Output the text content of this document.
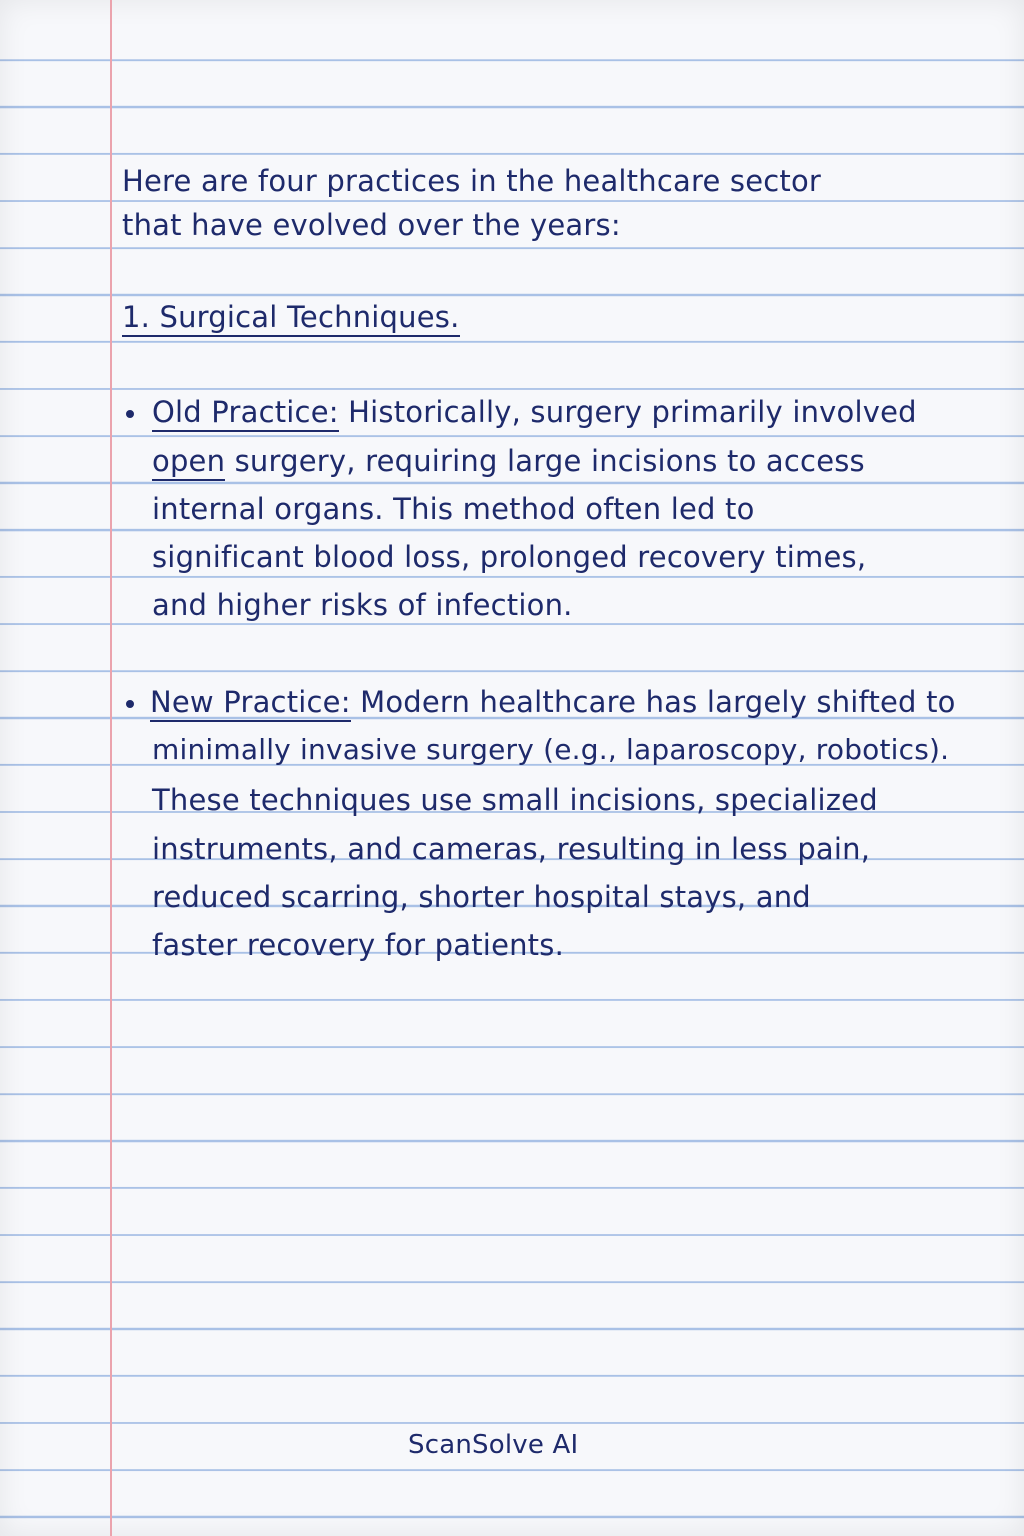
Here are four practices in the healthcare sector
that have evolved over the years:
1. Surgical Techniques.
Old Practice: Historically, surgery primarily involved
open surgery, requiring large incisions to access
internal organs. This method often led to
significant blood loss, prolonged recovery times,
and higher risks of infection.
New Practice: Modern healthcare has largely shifted to
minimally invasive surgery (e.g., laparoscopy, robotics).
These techniques use small incisions, specialized
instruments, and cameras, resulting in less pain,
reduced scarring, shorter hospital stays, and
faster recovery for patients.
ScanSolve AI
